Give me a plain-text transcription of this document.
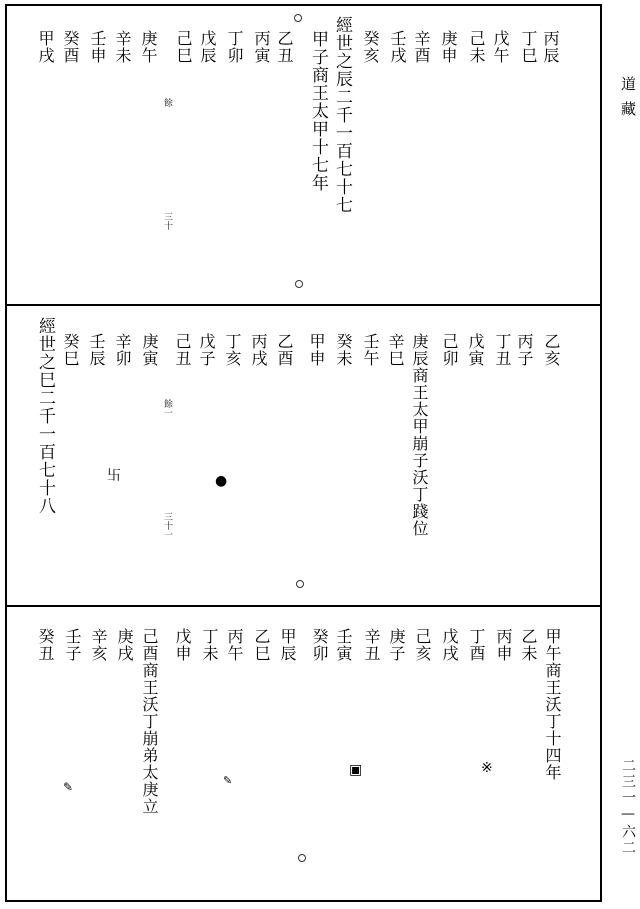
道藏
二三一—六二
丙辰
丁巳
戊午
己未
庚申
辛酉
壬戌
癸亥
經世之辰二千一百七十七
甲子商王太甲十七年
乙丑
丙寅
丁卯
戊辰
己巳
庚午
辛未
壬申
癸酉
甲戌
餘
三十
乙亥
丙子
丁丑
戊寅
己卯
庚辰商王太甲崩子沃丁踐位
辛巳
壬午
癸未
甲申
乙酉
丙戌
丁亥
戊子
己丑
庚寅
辛卯
壬辰
癸巳
經世之巳二千一百七十八	餘一
三十一
卐	●
甲午商王沃丁十四年
乙未
丙申
丁酉
戊戌
己亥
庚子
辛丑
壬寅
癸卯
甲辰
乙巳
丙午
丁未
戊申
己酉商王沃丁崩弟太庚立
庚戌
辛亥
壬子
癸丑
※
▣
✎
✎
